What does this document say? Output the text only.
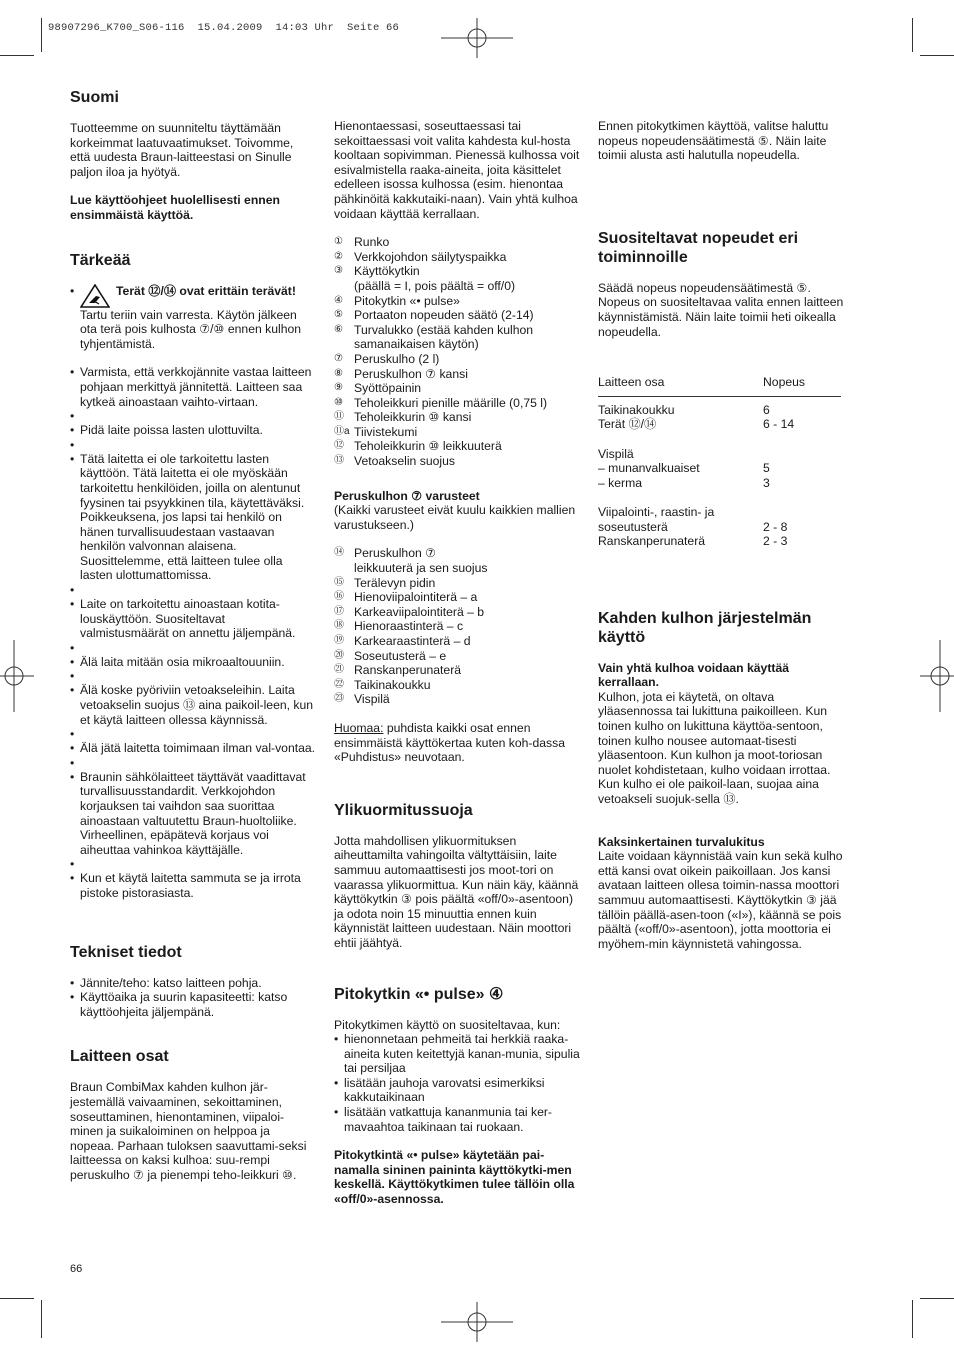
98907296_K700_S06-116  15.04.2009  14:03 Uhr  Seite 66
Suomi

Tuotteemme on suunniteltu täyttämään korkeimmat laatuvaatimukset. Toivomme, että uudesta Braun-laitteestasi on Sinulle paljon iloa ja hyötyä.

Lue käyttöohjeet huolellisesti ennen ensimmäistä käyttöä.

Tärkeää
• Terät ⑫/⑭ ovat erittäin terävät!
Tartu teriin vain varresta. Käytön jälkeen ota terä pois kulhosta ⑦/⑩ ennen kulhon tyhjentämistä.
• Varmista, että verkkojännite vastaa laitteen pohjaan merkittyä jännitettä. Laitteen saa kytkeä ainoastaan vaihto-virtaan.
•
• Pidä laite poissa lasten ulottuvilta.
•
• Tätä laitetta ei ole tarkoitettu lasten käyttöön. Tätä laitetta ei ole myöskään tarkoitettu henkilöiden, joilla on alentunut fyysinen tai psyykkinen tila, käytettäväksi. Poikkeuksena, jos lapsi tai henkilö on hänen turvallisuudestaan vastaavan henkilön valvonnan alaisena. Suosittelemme, että laitteen tulee olla lasten ulottumattomissa.
•
• Laite on tarkoitettu ainoastaan kotita-louskäyttöön. Suositeltavat valmistusmäärät on annettu jäljempänä.
•
• Älä laita mitään osia mikroaaltouuniin.
•
• Älä koske pyöriviin vetoakseleihin. Laita vetoakselin suojus ⑬ aina paikoil-leen, kun et käytä laitteen ollessa käynnissä.
•
• Älä jätä laitetta toimimaan ilman val-vontaa.
•
• Braunin sähkölaitteet täyttävät vaadittavat turvallisuusstandardit. Verkkojohdon korjauksen tai vaihdon saa suorittaa ainoastaan valtuutettu Braun-huoltoliike. Virheellinen, epäpätevä korjaus voi aiheuttaa vahinkoa käyttäjälle.
•
• Kun et käytä laitetta sammuta se ja irrota pistoke pistorasiasta.
Tekniset tiedot
• Jännite/teho: katso laitteen pohja.
• Käyttöaika ja suurin kapasiteetti: katso käyttöohjeita jäljempänä.
Laitteen osat

Braun CombiMax kahden kulhon jär-jestemällä vaivaaminen, sekoittaminen, soseuttaminen, hienontaminen, viipaloi-minen ja suikaloiminen on helppoa ja nopeaa. Parhaan tuloksen saavuttami-seksi laitteessa on kaksi kulhoa: suu-rempi peruskulho ⑦ ja pienempi teho-leikkuri ⑩.

Hienontaessasi, soseuttaessasi tai sekoittaessasi voit valita kahdesta kul-hosta kooltaan sopivimman. Pienessä kulhossa voit esivalmistella raaka-aineita, joita käsittelet edelleen isossa kulhossa (esim. hienontaa pähkinöitä kakkutaiki-naan). Vain yhtä kulhoa voidaan käyttää kerrallaan.

① Runko
② Verkkojohdon säilytyspaikka
③ Käyttökytkin
(päällä = I, pois päältä = off/0)
④ Pitokytkin «• pulse»
⑤ Portaaton nopeuden säätö (2-14)
⑥ Turvalukko (estää kahden kulhon samanaikaisen käytön)
⑦ Peruskulho (2 l)
⑧ Peruskulhon ⑦ kansi
⑨ Syöttöpainin
⑩ Teholeikkuri pienille määrille (0,75 l)
⑪ Teholeikkurin ⑩ kansi
⑪a Tiivistekumi
⑫ Teholeikkurin ⑩ leikkuuterä
⑬ Vetoakselin suojus

Peruskulhon ⑦ varusteet

(Kaikki varusteet eivät kuulu kaikkien mallien varustukseen.)

⑭ Peruskulhon ⑦
leikkuuterä ja sen suojus
⑮ Terälevyn pidin
⑯ Hienoviipalointiterä – a
⑰ Karkeaviipalointiterä – b
⑱ Hienoraastinterä – c
⑲ Karkearaastinterä – d
⑳ Soseutusterä – e
㉑ Ranskanperunaterä
㉒ Taikinakoukku
㉓ Vispilä

Huomaa: puhdista kaikki osat ennen ensimmäistä käyttökertaa kuten koh-dassa «Puhdistus» neuvotaan.

Ylikuormitussuoja

Jotta mahdollisen ylikuormituksen aiheuttamilta vahingoilta vältyttäisiin, laite sammuu automaattisesti jos moot-tori on vaarassa ylikuormittua. Kun näin käy, käännä käyttökytkin ③ pois päältä «off/0»-asentoon) ja odota noin 15 minuuttia ennen kuin käynnistät laitteen uudestaan. Näin moottori ehtii jäähtyä.

Pitokytkin «• pulse» ④

Pitokytkimen käyttö on suositeltavaa, kun:

• hienonnetaan pehmeitä tai herkkiä raaka-aineita kuten keitettyjä kanan-munia, sipulia tai persiljaa
• lisätään jauhoja varovatsi esimerkiksi kakkutaikinaan
• lisätään vatkattuja kananmunia tai ker-mavaahtoa taikinaan tai ruokaan.

Pitokytkintä «• pulse» käytetään pai-namalla sininen painintа käyttökytki-men keskellä. Käyttökytkimen tulee tällöin olla «off/0»-asennossa.

Ennen pitokytkimen käyttöä, valitse haluttu nopeus nopeudensäätimestä ⑤. Näin laite toimii alusta asti halutulla nopeudella.

Suositeltavat nopeudet eri toiminnoille

Säädä nopeus nopeudensäätimestä ⑤. Nopeus on suositeltavaa valita ennen laitteen käynnistämistä. Näin laite toimii heti oikealla nopeudella.

Laitteen osa	Nopeus

Taikinakoukku	6
Terät ⑫/⑭	6 - 14

Vispilä	
– munanvalkuaiset	5
– kerma	3

Viipalointi-, raastin- ja	
soseutusterä	2 - 8
Ranskanperunaterä	2 - 3
Kahden kulhon järjestelmän käyttö

Vain yhtä kulhoa voidaan käyttää kerrallaan.

Kulhon, jota ei käytetä, on oltava yläasennossa tai lukittuna paikoilleen. Kun toinen kulho on lukittuna käyttöa-sentoon, toinen kulho nousee automaat-tisesti yläasentoon. Kun kulhon ja moot-toriosan nuolet kohdistetaan, kulho voidaan irrottaa. Kun kulho ei ole paikoil-laan, suojaa aina vetoakseli suojuk-sella ⑬.

Kaksinkertainen turvalukitus

Laite voidaan käynnistää vain kun sekä kulho että kansi ovat oikein paikoillaan. Jos kansi avataan laitteen ollesa toimin-nassa moottori sammuu automaattisesti. Käyttökytkin ③ jää tällöin päällä-asen-toon («I»), käännä se pois päältä («off/0»-asentoon), jotta moottoria ei myöhem-min käynnistetä vahingossa.

66
